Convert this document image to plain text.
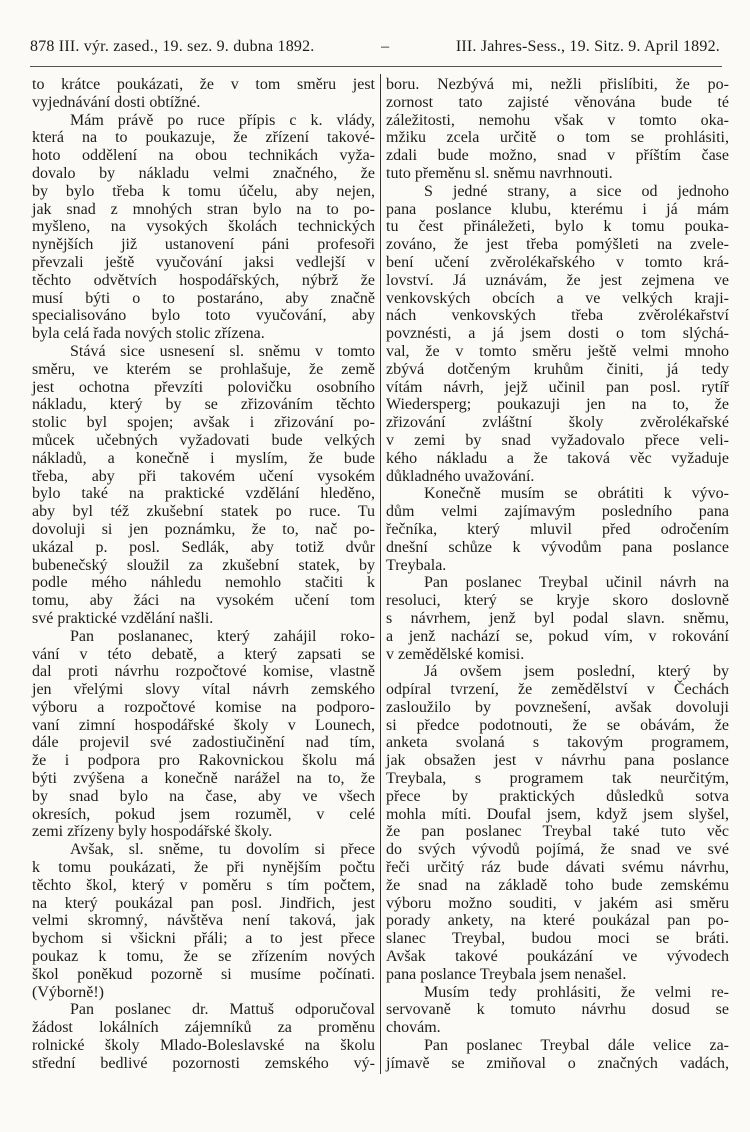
878 III. výr. zased., 19. sez. 9. dubna 1892.	–	III. Jahres-Sess., 19. Sitz. 9. April 1892.
to krátce poukázati, že v tom směru jest
vyjednávání dosti obtížné.
Mám právě po ruce přípis c k. vlády,
která na to poukazuje, že zřízení takové-
hoto oddělení na obou technikách vyža-
dovalo by nákladu velmi značného, že
by bylo třeba k tomu účelu, aby nejen,
jak snad z mnohých stran bylo na to po-
myšleno, na vysokých školách technických
nynějších již ustanovení páni profesoři
převzali ještě vyučování jaksi vedlejší v
těchto odvětvích hospodářských, nýbrž že
musí býti o to postaráno, aby značně
specialisováno bylo toto vyučování, aby
byla celá řada nových stolic zřízena.
Stává sice usnesení sl. sněmu v tomto
směru, ve kterém se prohlašuje, že země
jest ochotna převzíti polovičku osobního
nákladu, který by se zřizováním těchto
stolic byl spojen; avšak i zřizování po-
můcek učebných vyžadovati bude velkých
nákladů, a konečně i myslím, že bude
třeba, aby při takovém učení vysokém
bylo také na praktické vzdělání hleděno,
aby byl též zkušební statek po ruce. Tu
dovoluji si jen poznámku, že to, nač po-
ukázal p. posl. Sedlák, aby totiž dvůr
bubenečský sloužil za zkušební statek, by
podle mého náhledu nemohlo stačiti k
tomu, aby žáci na vysokém učení tom
své praktické vzdělání našli.
Pan poslananec, který zahájil roko-
vání v této debatě, a který zapsati se
dal proti návrhu rozpočtové komise, vlastně
jen vřelými slovy vítal návrh zemského
výboru a rozpočtové komise na podporo-
vaní zimní hospodářské školy v Lounech,
dále projevil své zadostiučinění nad tím,
že i podpora pro Rakovnickou školu má
býti zvýšena a konečně narážel na to, že
by snad bylo na čase, aby ve všech
okresích, pokud jsem rozuměl, v celé
zemi zřízeny byly hospodářské školy.
Avšak, sl. sněme, tu dovolím si přece
k tomu poukázati, že při nynějším počtu
těchto škol, který v poměru s tím počtem,
na který poukázal pan posl. Jindřich, jest
velmi skromný, návštěva není taková, jak
bychom si všickni přáli; a to jest přece
poukaz k tomu, že se zřízením nových
škol poněkud pozorně si musíme počínati.
(Výborně!)
Pan poslanec dr. Mattuš odporučoval
žádost lokálních zájemníků za proměnu
rolnické školy Mlado-Boleslavské na školu
střední bedlivé pozornosti zemského vý-
boru. Nezbývá mi, nežli přislíbiti, že po-
zornost tato zajisté věnována bude té
záležitosti, nemohu však v tomto oka-
mžiku zcela určitě o tom se prohlásiti,
zdali bude možno, snad v příštím čase
tuto přeměnu sl. sněmu navrhnouti.
S jedné strany, a sice od jednoho
pana poslance klubu, kterému i já mám
tu čest přináležeti, bylo k tomu pouka-
zováno, že jest třeba pomýšleti na zvele-
bení učení zvěrolékařského v tomto krá-
lovství. Já uznávám, že jest zejmena ve
venkovských obcích a ve velkých kraji-
nách venkovských třeba zvěrolékařství
povznésti, a já jsem dosti o tom slýchá-
val, že v tomto směru ještě velmi mnoho
zbývá dotčeným kruhům činiti, já tedy
vítám návrh, jejž učinil pan posl. rytíř
Wiedersperg; poukazuji jen na to, že
zřizování zvláštní školy zvěrolékařské
v zemi by snad vyžadovalo přece veli-
kého nákladu a že taková věc vyžaduje
důkladného uvažování.
Konečně musím se obrátiti k vývo-
dům velmi zajímavým posledního pana
řečníka, který mluvil před odročením
dnešní schůze k vývodům pana poslance
Treybala.
Pan poslanec Treybal učinil návrh na
resoluci, který se kryje skoro doslovně
s návrhem, jenž byl podal slavn. sněmu,
a jenž nachází se, pokud vím, v rokování
v zemědělské komisi.
Já ovšem jsem poslední, který by
odpíral tvrzení, že zemědělství v Čechách
zasloužilo by povznešení, avšak dovoluji
si předce podotnouti, že se obávám, že
anketa svolaná s takovým programem,
jak obsažen jest v návrhu pana poslance
Treybala, s programem tak neurčitým,
přece by praktických důsledků sotva
mohla míti. Doufal jsem, když jsem slyšel,
že pan poslanec Treybal také tuto věc
do svých vývodů pojímá, že snad ve své
řeči určitý ráz bude dávati svému návrhu,
že snad na základě toho bude zemskému
výboru možno souditi, v jakém asi směru
porady ankety, na které poukázal pan po-
slanec Treybal, budou moci se bráti.
Avšak takové poukázání ve vývodech
pana poslance Treybala jsem nenašel.
Musím tedy prohlásiti, že velmi re-
servovaně k tomuto návrhu dosud se
chovám.
Pan poslanec Treybal dále velice za-
jímavě se zmiňoval o značných vadách,
